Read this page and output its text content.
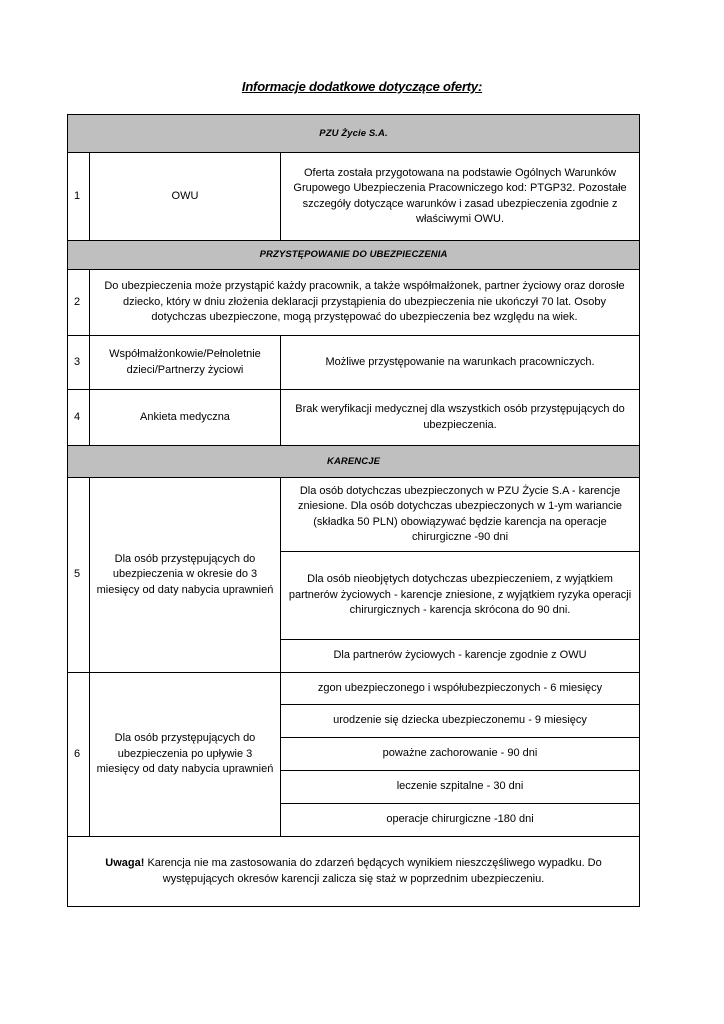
Informacje dodatkowe dotyczące oferty:
PZU Życie S.A.		
1	OWU	Oferta została przygotowana na podstawie Ogólnych Warunków Grupowego Ubezpieczenia Pracowniczego kod: PTGP32. Pozostałe szczegóły dotyczące warunków i zasad ubezpieczenia zgodnie z właściwymi OWU.
PRZYSTĘPOWANIE DO UBEZPIECZENIA		
2	Do ubezpieczenia może przystąpić każdy pracownik, a także współmałżonek, partner życiowy oraz dorosłe dziecko, który w dniu złożenia deklaracji przystąpienia do ubezpieczenia nie ukończył 70 lat. Osoby dotychczas ubezpieczone, mogą przystępować do ubezpieczenia bez względu na wiek.	
3	Współmałżonkowie/Pełnoletnie dzieci/Partnerzy życiowi	Możliwe przystępowanie na warunkach pracowniczych.
4	Ankieta medyczna	Brak weryfikacji medycznej dla wszystkich osób przystępujących do ubezpieczenia.
KARENCJE		
5	Dla osób przystępujących do ubezpieczenia w okresie do 3 miesięcy od daty nabycia uprawnień	Dla osób dotychczas ubezpieczonych w PZU Życie S.A - karencje zniesione. Dla osób dotychczas ubezpieczonych w 1-ym wariancie (składka 50 PLN) obowiązywać będzie karencja na operacje chirurgiczne -90 dni
		Dla osób nieobjętych dotychczas ubezpieczeniem, z wyjątkiem partnerów życiowych - karencje zniesione, z wyjątkiem ryzyka operacji chirurgicznych - karencja skrócona do 90 dni.
		Dla partnerów życiowych - karencje zgodnie z OWU
6	Dla osób przystępujących do ubezpieczenia po upływie 3 miesięcy od daty nabycia uprawnień	zgon ubezpieczonego i współubezpieczonych - 6 miesięcy
		urodzenie się dziecka ubezpieczonemu - 9 miesięcy
		poważne zachorowanie - 90 dni
		leczenie szpitalne - 30 dni
		operacje chirurgiczne -180 dni
Uwaga! Karencja nie ma zastosowania do zdarzeń będących wynikiem nieszczęśliwego wypadku. Do występujących okresów karencji zalicza się staż w poprzednim ubezpieczeniu.		
